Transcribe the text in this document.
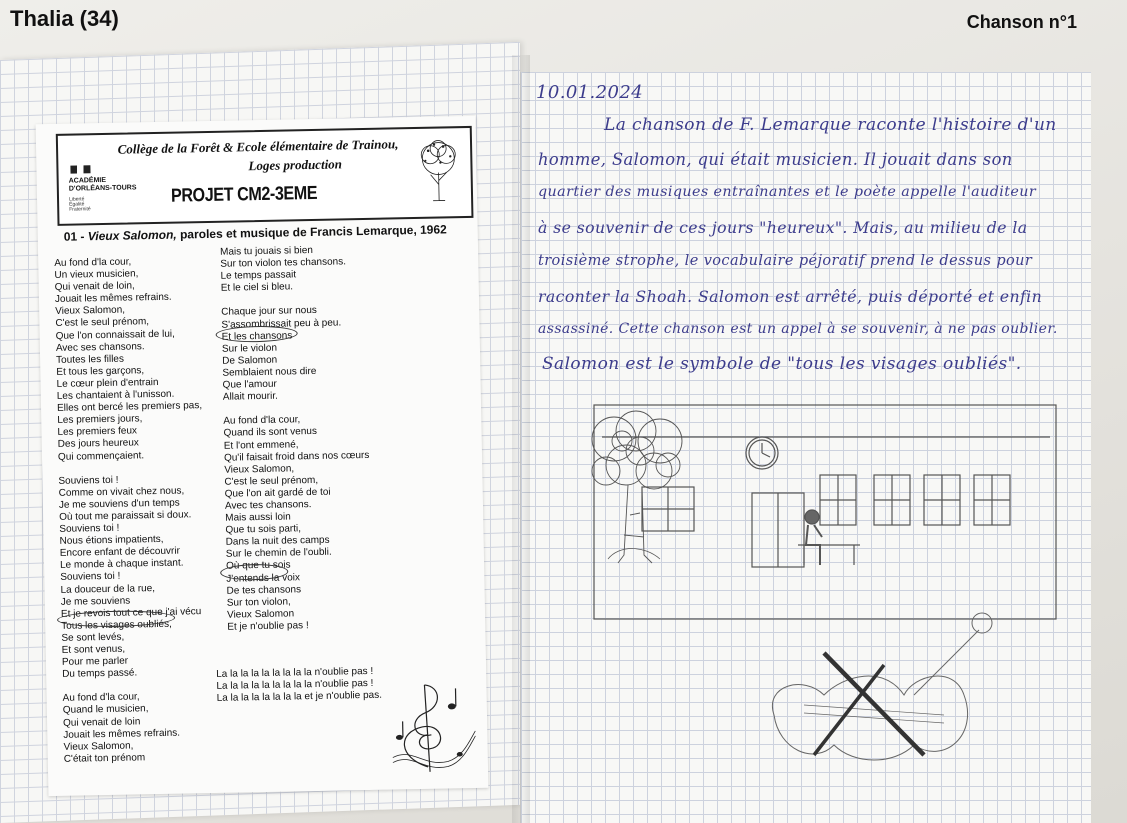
Thalia (34)	Chanson n°1
Collège de la Forêt & Ecole élémentaire de Trainou,
Loges production
ACADÉMIE
D'ORLÉANS-TOURS
Liberté
Égalité
Fraternité
PROJET CM2-3EME
01 - Vieux Salomon, paroles et musique de Francis Lemarque, 1962
Au fond d'la cour,
Un vieux musicien,
Qui venait de loin,
Jouait les mêmes refrains.
Vieux Salomon,
C'est le seul prénom,
Que l'on connaissait de lui,
Avec ses chansons.
Toutes les filles
Et tous les garçons,
Le cœur plein d'entrain
Les chantaient à l'unisson.
Elles ont bercé les premiers pas,
Les premiers jours,
Les premiers feux
Des jours heureux
Qui commençaient.

Souviens toi !
Comme on vivait chez nous,
Je me souviens d'un temps
Où tout me paraissait si doux.
Souviens toi !
Nous étions impatients,
Encore enfant de découvrir
Le monde à chaque instant.
Souviens toi !
La douceur de la rue,
Je me souviens
Et je revois tout ce que j'ai vécu
Tous les visages oubliés,
Se sont levés,
Et sont venus,
Pour me parler
Du temps passé.

Au fond d'la cour,
Quand le musicien,
Qui venait de loin
Jouait les mêmes refrains.
Vieux Salomon,
C'était ton prénom
Mais tu jouais si bien
Sur ton violon tes chansons.
Le temps passait
Et le ciel si bleu.

Chaque jour sur nous
S'assombrissait peu à peu.
Et les chansons
Sur le violon
De Salomon
Semblaient nous dire
Que l'amour
Allait mourir.

Au fond d'la cour,
Quand ils sont venus
Et l'ont emmené,
Qu'il faisait froid dans nos cœurs
Vieux Salomon,
C'est le seul prénom,
Que l'on ait gardé de toi
Avec tes chansons.
Mais aussi loin
Que tu sois parti,
Dans la nuit des camps
Sur le chemin de l'oubli.
Où que tu sois
J'entends la voix
De tes chansons
Sur ton violon,
Vieux Salomon
Et je n'oublie pas !
La la la la la la la la la n'oublie pas !
La la la la la la la la la n'oublie pas !
La la la la la la la la et je n'oublie pas.
10.01.2024
La chanson de F. Lemarque raconte l'histoire d'un
homme, Salomon, qui était musicien. Il jouait dans son
quartier des musiques entraînantes et le poète appelle l'auditeur
à se souvenir de ces jours "heureux". Mais, au milieu de la
troisième strophe, le vocabulaire péjoratif prend le dessus pour
raconter la Shoah. Salomon est arrêté, puis déporté et enfin
assassiné. Cette chanson est un appel à se souvenir, à ne pas oublier.
Salomon est le symbole de "tous les visages oubliés".
